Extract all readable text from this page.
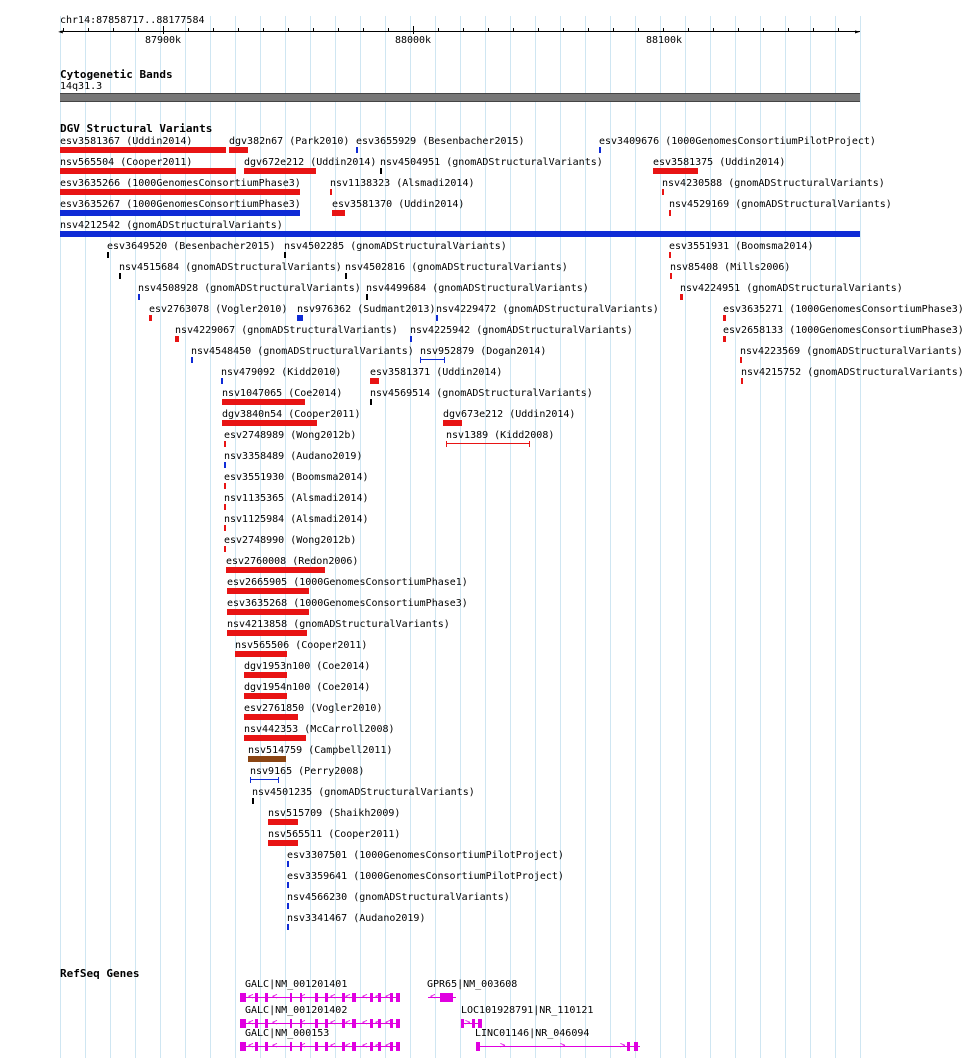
chr14:87858717..88177584
87900k	88000k	88100k
◄	►
Cytogenetic Bands
14q31.3
DGV Structural Variants
esv3581367 (Uddin2014)	dgv382n67 (Park2010) esv3655929 (Besenbacher2015)	esv3409676 (1000GenomesConsortiumPilotProject)
nsv565504 (Cooper2011)	dgv672e212 (Uddin2014) nsv4504951 (gnomADStructuralVariants)	esv3581375 (Uddin2014)
esv3635266 (1000GenomesConsortiumPhase3)	nsv1138323 (Alsmadi2014)	nsv4230588 (gnomADStructuralVariants)
esv3635267 (1000GenomesConsortiumPhase3)	esv3581370 (Uddin2014)	nsv4529169 (gnomADStructuralVariants)
nsv4212542 (gnomADStructuralVariants)
esv3649520 (Besenbacher2015) nsv4502285 (gnomADStructuralVariants)	esv3551931 (Boomsma2014)
nsv4515684 (gnomADStructuralVariants) nsv4502816 (gnomADStructuralVariants)	nsv85408 (Mills2006)
nsv4508928 (gnomADStructuralVariants) nsv4499684 (gnomADStructuralVariants)	nsv4224951 (gnomADStructuralVariants)
esv2763078 (Vogler2010) nsv976362 (Sudmant2013) nsv4229472 (gnomADStructuralVariants)	esv3635271 (1000GenomesConsortiumPhase3)
nsv4229067 (gnomADStructuralVariants) nsv4225942 (gnomADStructuralVariants)	esv2658133 (1000GenomesConsortiumPhase3)
nsv4548450 (gnomADStructuralVariants) nsv952879 (Dogan2014)	nsv4223569 (gnomADStructuralVariants)
nsv479092 (Kidd2010)	esv3581371 (Uddin2014)	nsv4215752 (gnomADStructuralVariants)
nsv1047065 (Coe2014)	nsv4569514 (gnomADStructuralVariants)
dgv3840n54 (Cooper2011)	dgv673e212 (Uddin2014)
esv2748989 (Wong2012b)	nsv1389 (Kidd2008)
nsv3358489 (Audano2019)
esv3551930 (Boomsma2014)
nsv1135365 (Alsmadi2014)
nsv1125984 (Alsmadi2014)
esv2748990 (Wong2012b)
esv2760008 (Redon2006)
esv2665905 (1000GenomesConsortiumPhase1)
esv3635268 (1000GenomesConsortiumPhase3)
nsv4213858 (gnomADStructuralVariants)
nsv565506 (Cooper2011)
dgv1953n100 (Coe2014)
dgv1954n100 (Coe2014)
esv2761850 (Vogler2010)
nsv442353 (McCarroll2008)
nsv514759 (Campbell2011)
nsv9165 (Perry2008)
nsv4501235 (gnomADStructuralVariants)
nsv515709 (Shaikh2009)
nsv565511 (Cooper2011)
esv3307501 (1000GenomesConsortiumPilotProject)
esv3359641 (1000GenomesConsortiumPilotProject)
nsv4566230 (gnomADStructuralVariants)
nsv3341467 (Audano2019)
RefSeq Genes
GALC|NM_001201401
< <	<	< < < < <
GPR65|NM_003608
<
GALC|NM_001201402
< <	<	< < < < <
LOC101928791|NR_110121
>
GALC|NM_000153
< <	<	< < < < <
LINC01146|NR_046094
>	>	>
